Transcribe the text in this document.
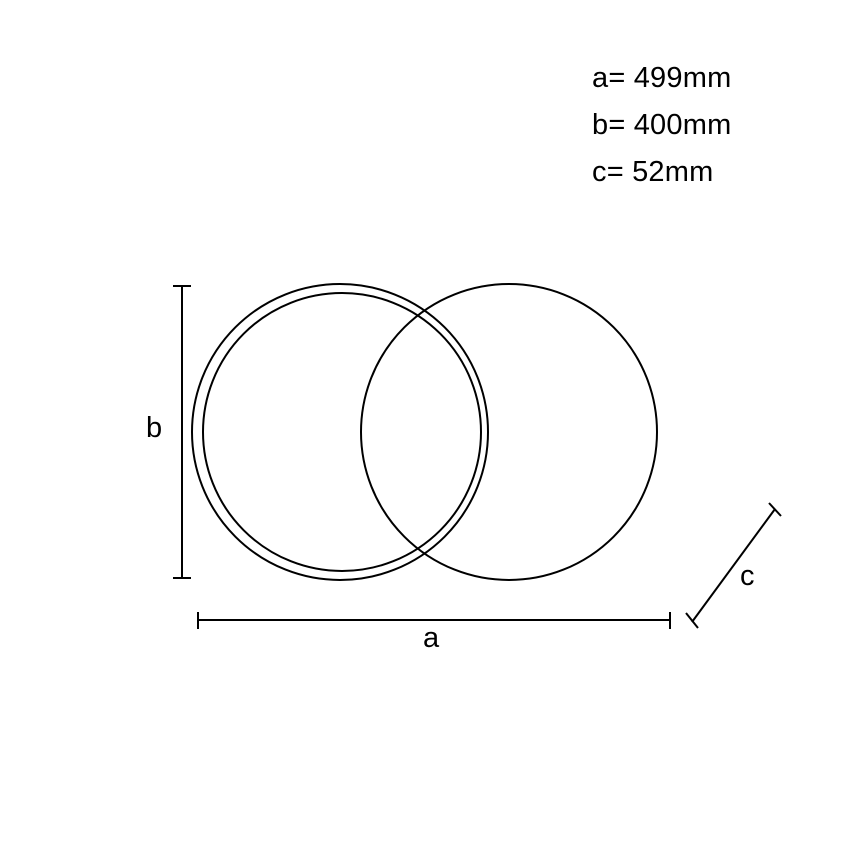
a= 499mm
b= 400mm
c= 52mm
b
a
c
